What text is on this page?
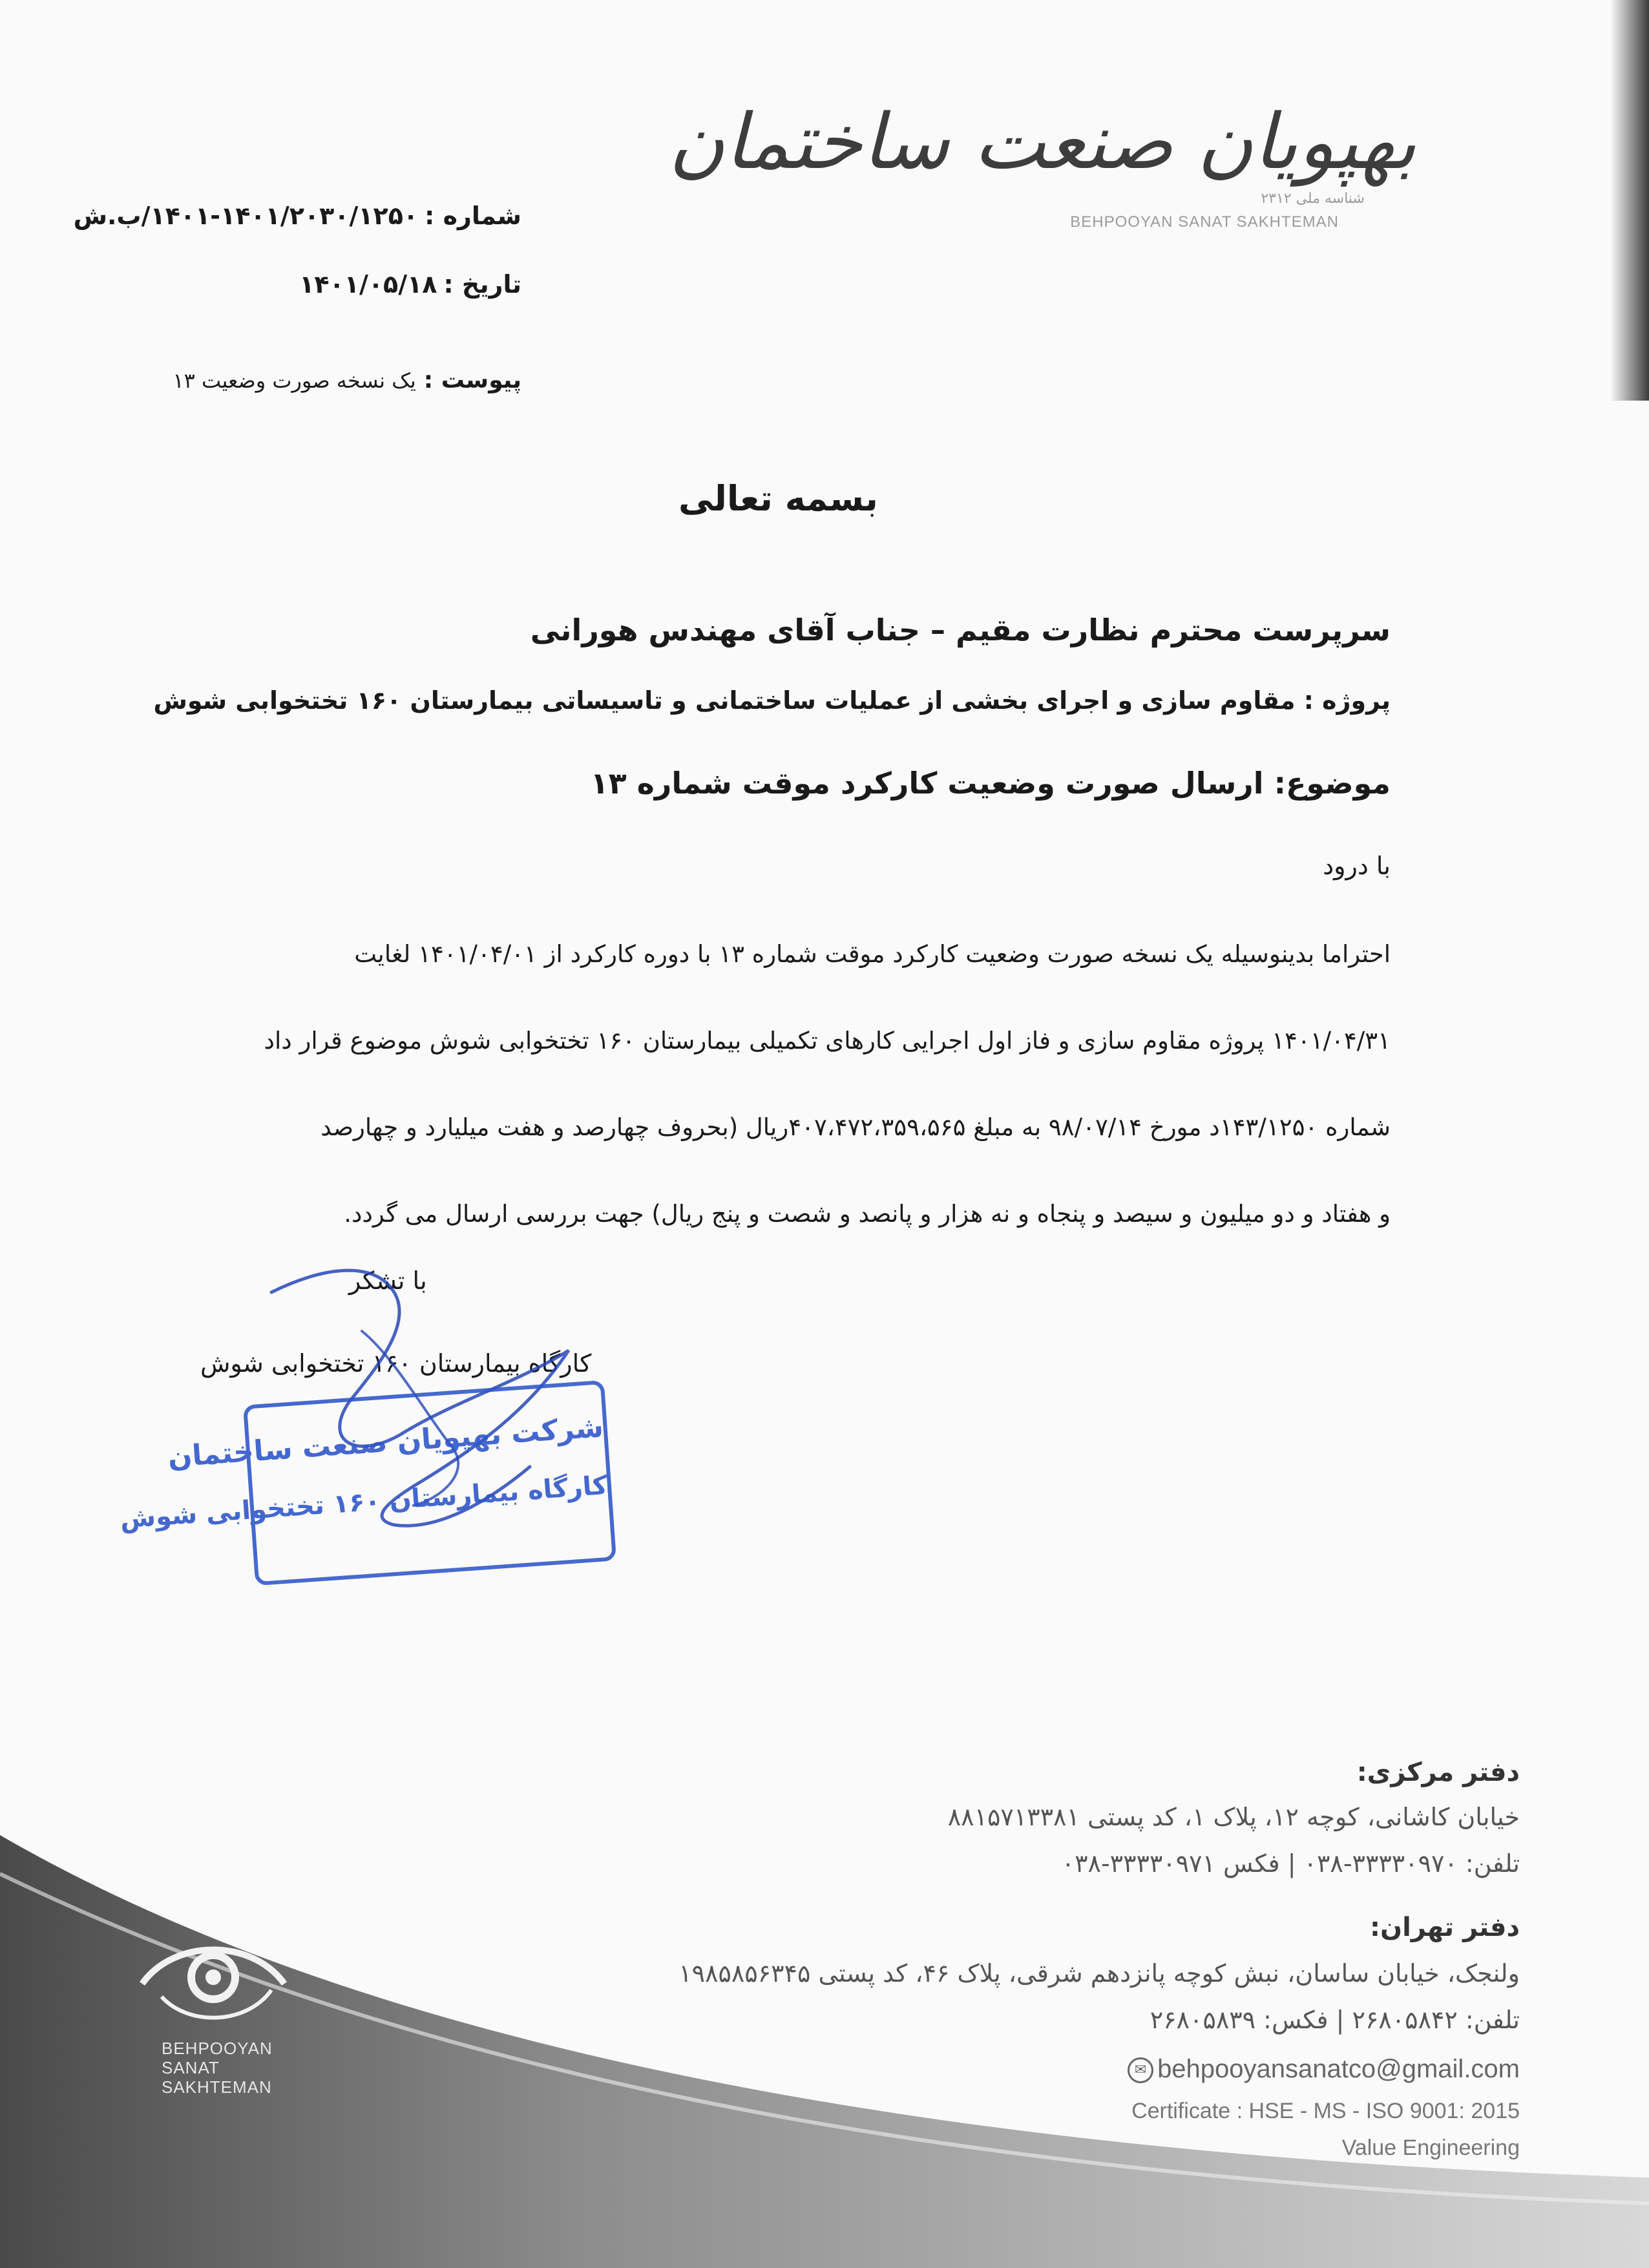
بهپویان صنعت ساختمان
شناسه ملی ۲۳۱۲
BEHPOOYAN SANAT SAKHTEMAN
شماره :۱۴۰۱/۲۰۳۰/۱۲۵۰-۱۴۰۱/ب.ش
تاریخ :۱۴۰۱/۰۵/۱۸
پیوست :یک نسخه صورت وضعیت ۱۳
بسمه تعالی
سرپرست محترم نظارت مقیم – جناب آقای مهندس هورانی
پروژه : مقاوم سازی و اجرای بخشی از عملیات ساختمانی و تاسیساتی بیمارستان ۱۶۰ تختخوابی شوش
موضوع: ارسال صورت وضعیت کارکرد موقت شماره ۱۳
با درود

احتراما بدینوسیله یک نسخه صورت وضعیت کارکرد موقت شماره ۱۳ با دوره کارکرد از ۱۴۰۱/۰۴/۰۱ لغایت

۱۴۰۱/۰۴/۳۱ پروژه مقاوم سازی و فاز اول اجرایی کارهای تکمیلی بیمارستان ۱۶۰ تختخوابی شوش موضوع قرار داد

شماره ۱۴۳/۱۲۵۰د مورخ ۹۸/۰۷/۱۴ به مبلغ ۴۰۷،۴۷۲،۳۵۹،۵۶۵ریال (بحروف چهارصد و هفت میلیارد و چهارصد

و هفتاد و دو میلیون و سیصد و پنجاه و نه هزار و پانصد و شصت و پنج ریال) جهت بررسی ارسال می گردد.

با تشکر
کارگاه بیمارستان ۱۶۰ تختخوابی شوش
شرکت بهپویان صنعت ساختمان
کارگاه بیمارستان ۱۶۰ تختخوابی شوش
BEHPOOYAN
SANAT
SAKHTEMAN
دفتر مرکزی:
خیابان کاشانی، کوچه ۱۲، پلاک ۱، کد پستی ۸۸۱۵۷۱۳۳۸۱
تلفن: ۳۳۳۳۰۹۷۰-۰۳۸ | فکس ۳۳۳۳۰۹۷۱-۰۳۸
دفتر تهران:
ولنجک، خیابان ساسان، نبش کوچه پانزدهم شرقی، پلاک ۴۶، کد پستی ۱۹۸۵۸۵۶۳۴۵
تلفن: ۲۶۸۰۵۸۴۲ | فکس: ۲۶۸۰۵۸۳۹
✉ behpooyansanatco@gmail.com
Certificate : HSE - MS - ISO 9001: 2015
Value Engineering
